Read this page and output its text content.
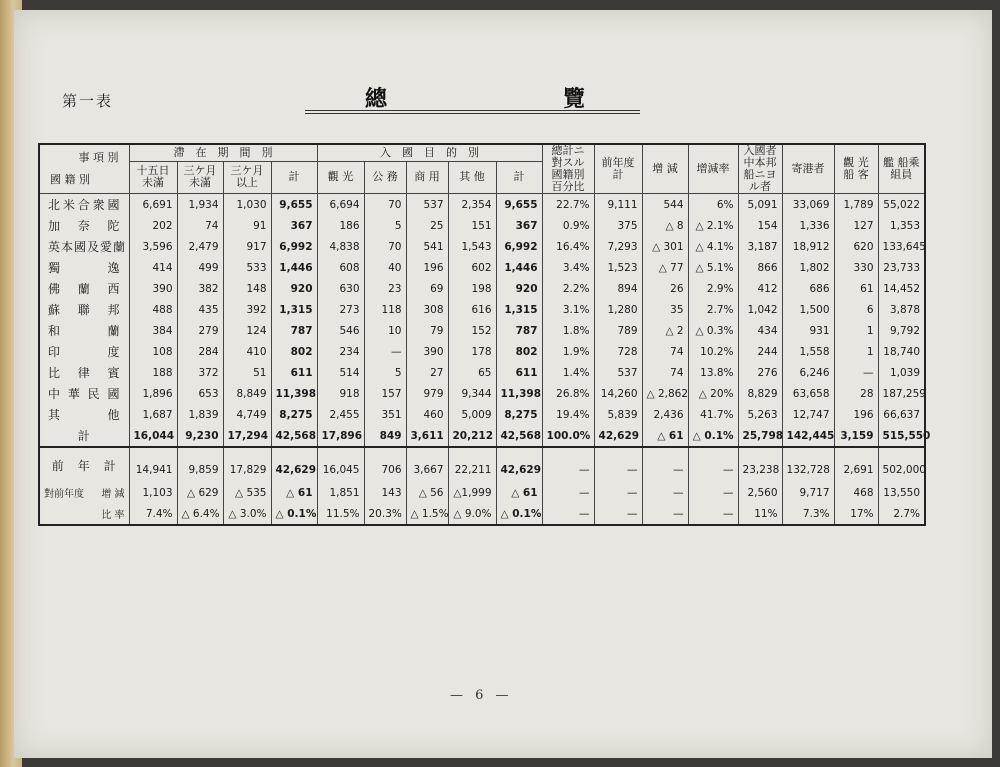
第一表	總	覽
事 項 別
國 籍 別	滯　在　期　間　別				入　國　目　的　別					總計ニ對スル國籍別百分比	前年度計	增 減	增減率	入國者中本邦船ニヨル者	寄港者	觀 光船 客	艦 船乘組員
	十五日未滿	三ケ月未滿	三ケ月以上	計	觀 光	公 務	商 用	其 他	計								
北米合衆國	6,691	1,934	1,030	9,655	6,694	70	537	2,354	9,655	22.7%	9,111	544	6%	5,091	33,069	1,789	55,022
加奈陀	202	74	91	367	186	5	25	151	367	0.9%	375	△ 8	△ 2.1%	154	1,336	127	1,353
英本國及愛蘭	3,596	2,479	917	6,992	4,838	70	541	1,543	6,992	16.4%	7,293	△ 301	△ 4.1%	3,187	18,912	620	133,645
獨逸	414	499	533	1,446	608	40	196	602	1,446	3.4%	1,523	△ 77	△ 5.1%	866	1,802	330	23,733
佛蘭西	390	382	148	920	630	23	69	198	920	2.2%	894	26	2.9%	412	686	61	14,452
蘇聯邦	488	435	392	1,315	273	118	308	616	1,315	3.1%	1,280	35	2.7%	1,042	1,500	6	3,878
和蘭	384	279	124	787	546	10	79	152	787	1.8%	789	△ 2	△ 0.3%	434	931	1	9,792
印度	108	284	410	802	234	—	390	178	802	1.9%	728	74	10.2%	244	1,558	1	18,740
比律賓	188	372	51	611	514	5	27	65	611	1.4%	537	74	13.8%	276	6,246	—	1,039
中華民國	1,896	653	8,849	11,398	918	157	979	9,344	11,398	26.8%	14,260	△ 2,862	△ 20%	8,829	63,658	28	187,259
其他	1,687	1,839	4,749	8,275	2,455	351	460	5,009	8,275	19.4%	5,839	2,436	41.7%	5,263	12,747	196	66,637
計	16,044	9,230	17,294	42,568	17,896	849	3,611	20,212	42,568	100.0%	42,629	△ 61	△ 0.1%	25,798	142,445	3,159	515,550
前　年　計	14,941	9,859	17,829	42,629	16,045	706	3,667	22,211	42,629	—	—	—	—	23,238	132,728	2,691	502,000

對前年度 增 減	1,103	△ 629	△ 535	△ 61	1,851	143	△ 56	△1,999	△ 61	—	—	—	—	2,560	9,717	468	13,550

比 率	7.4%	△ 6.4%	△ 3.0%	△ 0.1%	11.5%	20.3%	△ 1.5%	△ 9.0%	△ 0.1%	—	—	—	—	11%	7.3%	17%	2.7%
— 6 —
